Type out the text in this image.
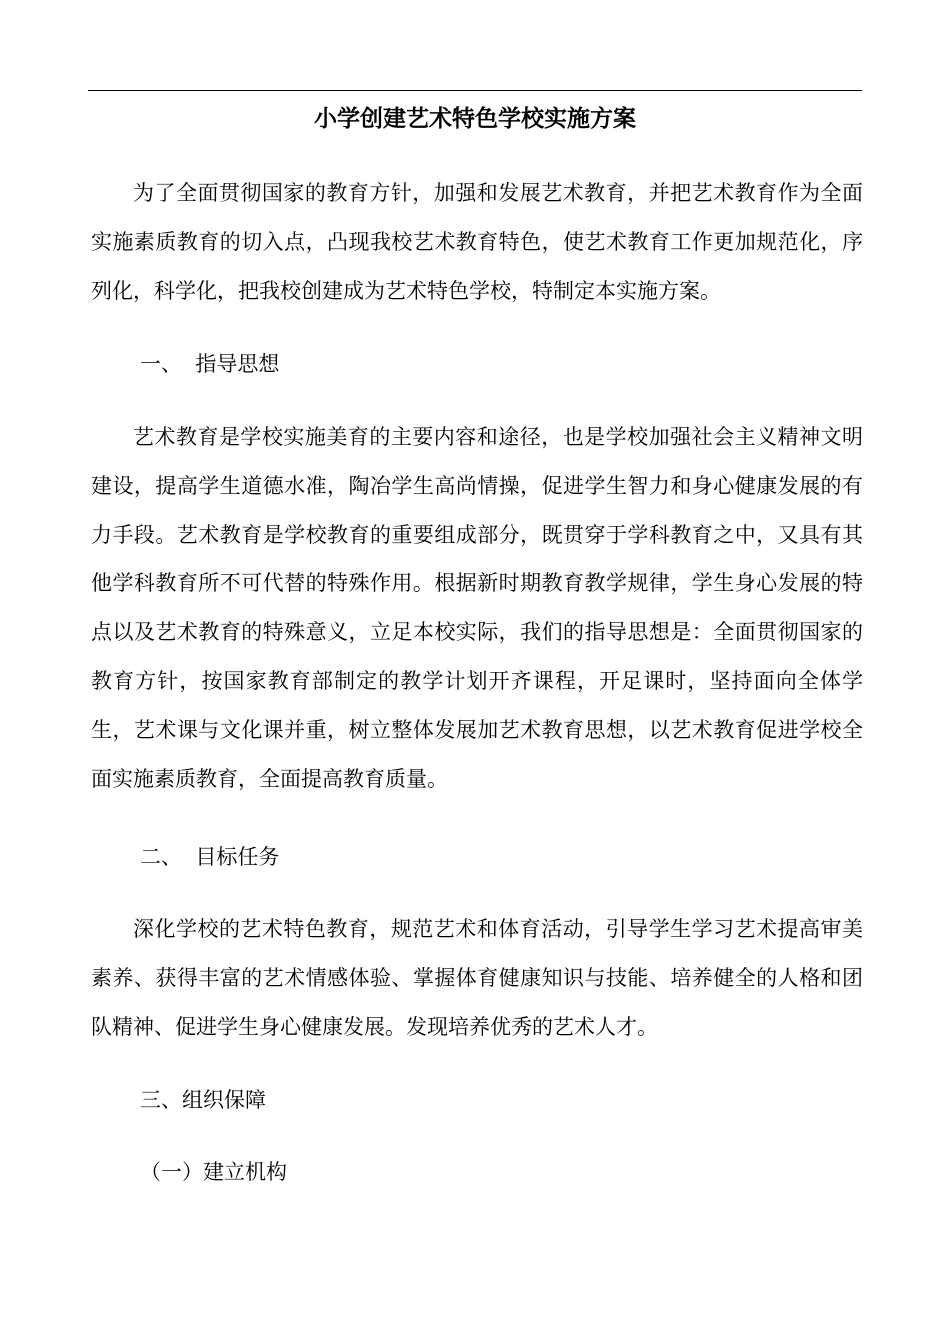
小学创建艺术特色学校实施方案
为了全面贯彻国家的教育方针，加强和发展艺术教育，并把艺术教育作为全面实施素质教育的切入点，凸现我校艺术教育特色，使艺术教育工作更加规范化，序列化，科学化，把我校创建成为艺术特色学校，特制定本实施方案。
一、  指导思想
艺术教育是学校实施美育的主要内容和途径，也是学校加强社会主义精神文明建设，提高学生道德水准，陶冶学生高尚情操，促进学生智力和身心健康发展的有力手段。艺术教育是学校教育的重要组成部分，既贯穿于学科教育之中，又具有其他学科教育所不可代替的特殊作用。根据新时期教育教学规律，学生身心发展的特点以及艺术教育的特殊意义，立足本校实际，我们的指导思想是：全面贯彻国家的教育方针，按国家教育部制定的教学计划开齐课程，开足课时，坚持面向全体学生，艺术课与文化课并重，树立整体发展加艺术教育思想，以艺术教育促进学校全面实施素质教育，全面提高教育质量。
二、  目标任务
深化学校的艺术特色教育，规范艺术和体育活动，引导学生学习艺术提高审美素养、获得丰富的艺术情感体验、掌握体育健康知识与技能、培养健全的人格和团队精神、促进学生身心健康发展。发现培养优秀的艺术人才。
三、组织保障
（一）建立机构
